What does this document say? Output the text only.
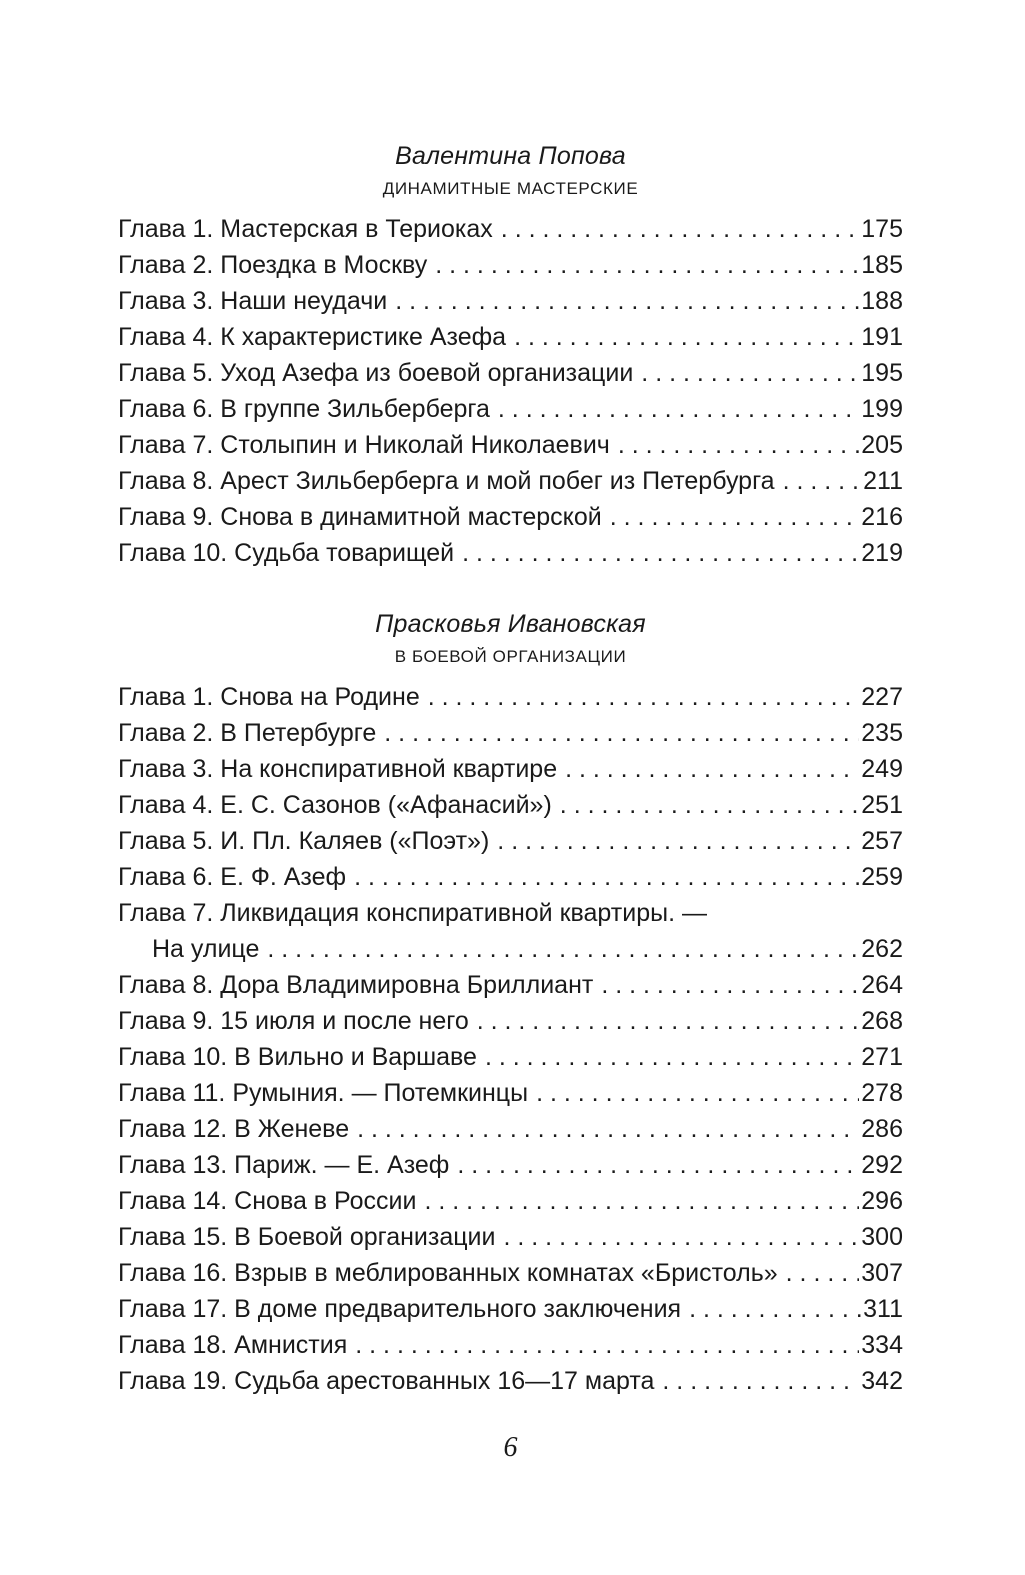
Валентина Попова
ДИНАМИТНЫЕ МАСТЕРСКИЕ
Глава 1. Мастерская в Териоках . . .	175
Глава 2. Поездка в Москву . . .	185
Глава 3. Наши неудачи . . .	188
Глава 4. К характеристике Азефа . . .	191
Глава 5. Уход Азефа из боевой организации . . .	195
Глава 6. В группе Зильберберга . . .	199
Глава 7. Столыпин и Николай Николаевич . . .	205
Глава 8. Арест Зильберберга и мой побег из Петербурга . . .	211
Глава 9. Снова в динамитной мастерской . . .	216
Глава 10. Судьба товарищей . . .	219
Прасковья Ивановская
В БОЕВОЙ ОРГАНИЗАЦИИ
Глава 1. Снова на Родине . . .	227
Глава 2. В Петербурге . . .	235
Глава 3. На конспиративной квартире . . .	249
Глава 4. Е. С. Сазонов («Афанасий») . . .	251
Глава 5. И. Пл. Каляев («Поэт») . . .	257
Глава 6. Е. Ф. Азеф . . .	259
Глава 7. Ликвидация конспиративной квартиры. —
На улице . . .	262
Глава 8. Дора Владимировна Бриллиант . . .	264
Глава 9. 15 июля и после него . . .	268
Глава 10. В Вильно и Варшаве . . .	271
Глава 11. Румыния. — Потемкинцы . . .	278
Глава 12. В Женеве . . .	286
Глава 13. Париж. — Е. Азеф . . .	292
Глава 14. Снова в России . . .	296
Глава 15. В Боевой организации . . .	300
Глава 16. Взрыв в меблированных комнатах «Бристоль» . . .	307
Глава 17. В доме предварительного заключения . . .	311
Глава 18. Амнистия . . .	334
Глава 19. Судьба арестованных 16—17 марта . . .	342
6
